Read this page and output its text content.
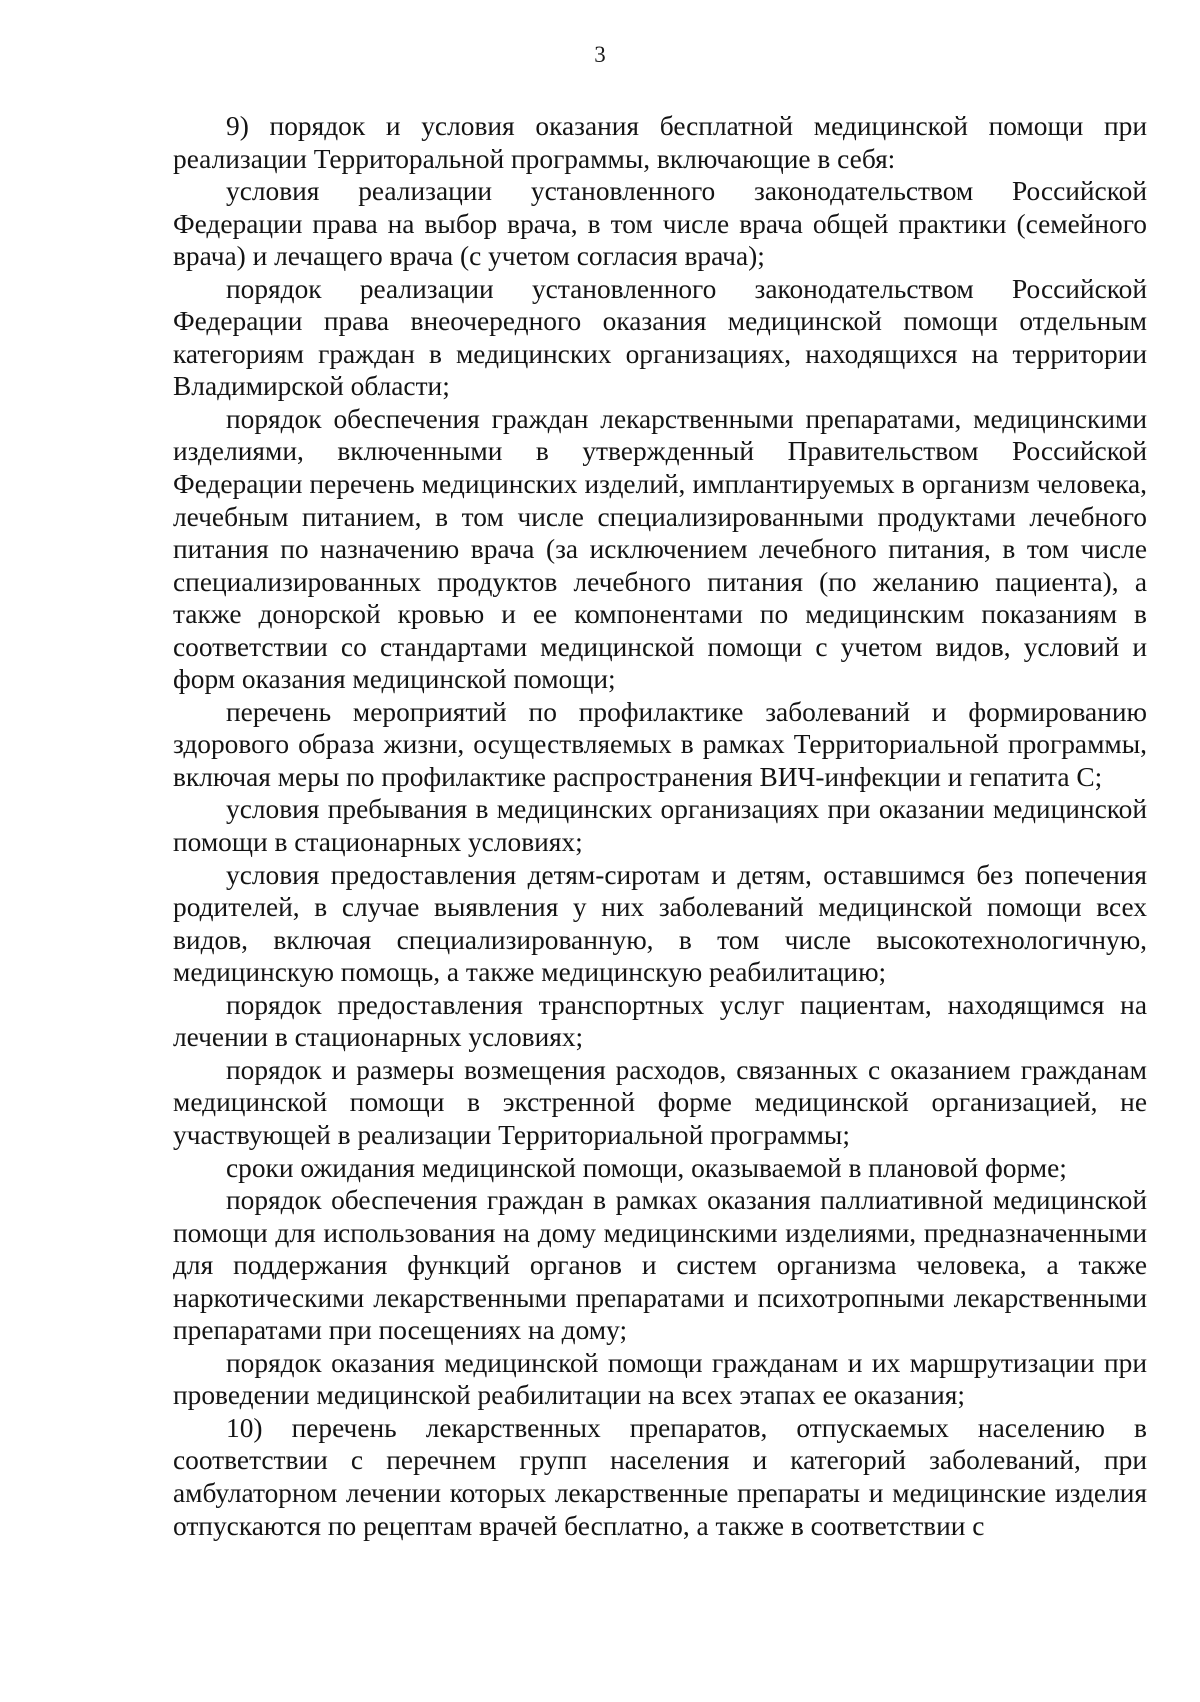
3

9) порядок и условия оказания бесплатной медицинской помощи при реализации Территоральной программы, включающие в себя:

условия реализации установленного законодательством Российской Федерации права на выбор врача, в том числе врача общей практики (семейного врача) и лечащего врача (с учетом согласия врача);

порядок реализации установленного законодательством Российской Федерации права внеочередного оказания медицинской помощи отдельным категориям граждан в медицинских организациях, находящихся на территории Владимирской области;

порядок обеспечения граждан лекарственными препаратами, медицинскими изделиями, включенными в утвержденный Правительством Российской Федерации перечень медицинских изделий, имплантируемых в организм человека, лечебным питанием, в том числе специализированными продуктами лечебного питания по назначению врача (за исключением лечебного питания, в том числе специализированных продуктов лечебного питания (по желанию пациента), а также донорской кровью и ее компонентами по медицинским показаниям в соответствии со стандартами медицинской помощи с учетом видов, условий и форм оказания медицинской помощи;

перечень мероприятий по профилактике заболеваний и формированию здорового образа жизни, осуществляемых в рамках Территориальной программы, включая меры по профилактике распространения ВИЧ-инфекции и гепатита С;

условия пребывания в медицинских организациях при оказании медицинской помощи в стационарных условиях;

условия предоставления детям-сиротам и детям, оставшимся без попечения родителей, в случае выявления у них заболеваний медицинской помощи всех видов, включая специализированную, в том числе высокотехнологичную, медицинскую помощь, а также медицинскую реабилитацию;

порядок предоставления транспортных услуг пациентам, находящимся на лечении в стационарных условиях;

порядок и размеры возмещения расходов, связанных с оказанием гражданам медицинской помощи в экстренной форме медицинской организацией, не участвующей в реализации Территориальной программы;

сроки ожидания медицинской помощи, оказываемой в плановой форме;

порядок обеспечения граждан в рамках оказания паллиативной медицинской помощи для использования на дому медицинскими изделиями, предназначенными для поддержания функций органов и систем организма человека, а также наркотическими лекарственными препаратами и психотропными лекарственными препаратами при посещениях на дому;

порядок оказания медицинской помощи гражданам и их маршрутизации при проведении медицинской реабилитации на всех этапах ее оказания;

10) перечень лекарственных препаратов, отпускаемых населению в соответствии с перечнем групп населения и категорий заболеваний, при амбулаторном лечении которых лекарственные препараты и медицинские изделия отпускаются по рецептам врачей бесплатно, а также в соответствии с
